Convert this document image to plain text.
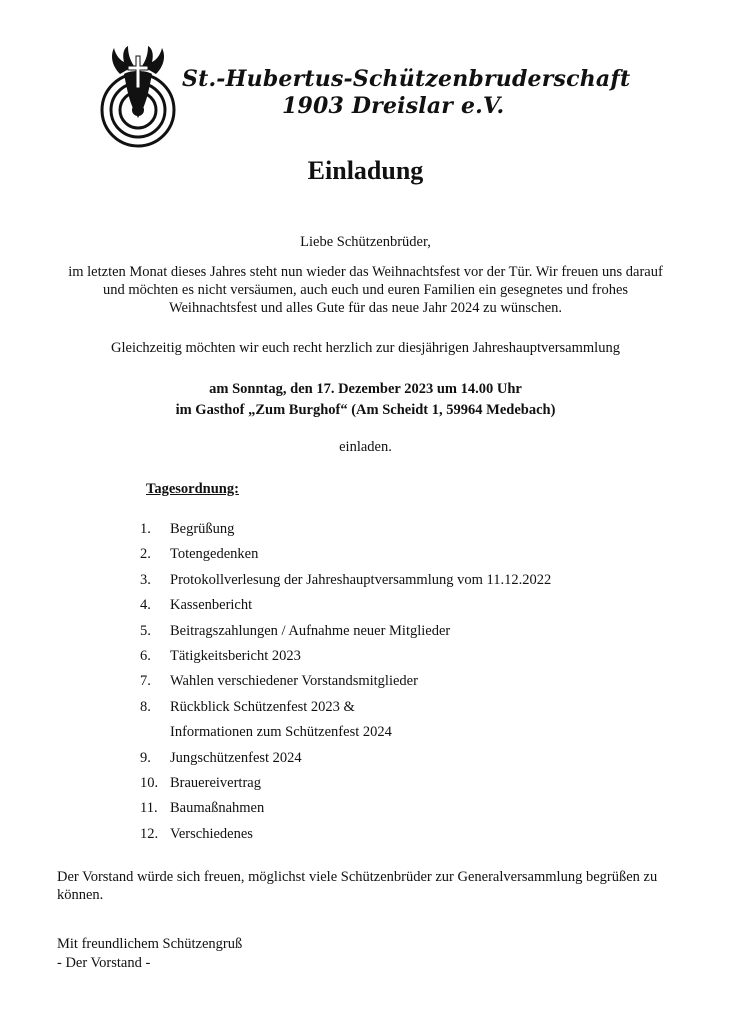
St.-Hubertus-Schützenbruderschaft
1903 Dreislar e.V.
Einladung
Liebe Schützenbrüder,
im letzten Monat dieses Jahres steht nun wieder das Weihnachtsfest vor der Tür. Wir freuen uns darauf
und möchten es nicht versäumen, auch euch und euren Familien ein gesegnetes und frohes
Weihnachtsfest und alles Gute für das neue Jahr 2024 zu wünschen.
Gleichzeitig möchten wir euch recht herzlich zur diesjährigen Jahreshauptversammlung
am Sonntag, den 17. Dezember 2023 um 14.00 Uhr
im Gasthof „Zum Burghof“ (Am Scheidt 1, 59964 Medebach)
einladen.
Tagesordnung:
1. Begrüßung
2. Totengedenken
3. Protokollverlesung der Jahreshauptversammlung vom 11.12.2022
4. Kassenbericht
5. Beitragszahlungen / Aufnahme neuer Mitglieder
6. Tätigkeitsbericht 2023
7. Wahlen verschiedener Vorstandsmitglieder
8. Rückblick Schützenfest 2023 &
Informationen zum Schützenfest 2024
9. Jungschützenfest 2024
10. Brauereivertrag
11. Baumaßnahmen
12. Verschiedenes
Der Vorstand würde sich freuen, möglichst viele Schützenbrüder zur Generalversammlung begrüßen zu können.
Mit freundlichem Schützengruß
- Der Vorstand -
